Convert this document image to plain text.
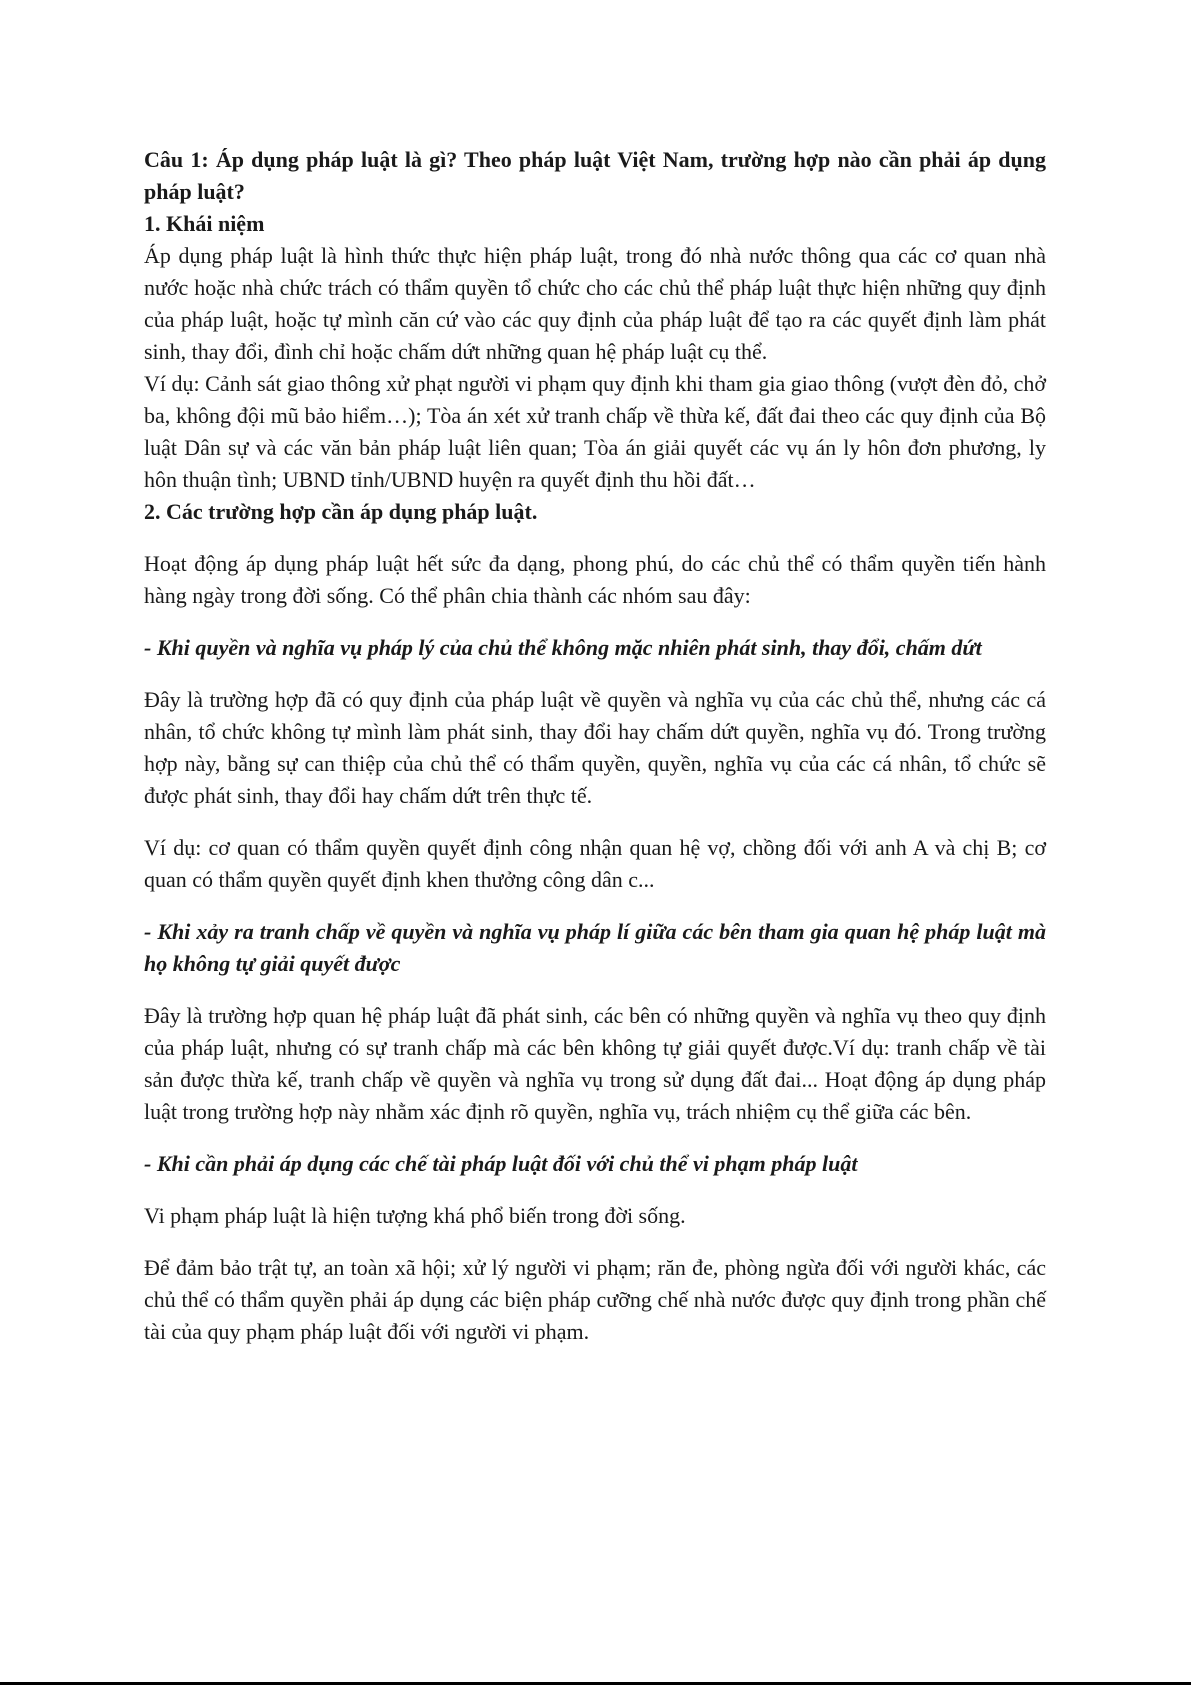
Câu 1: Áp dụng pháp luật là gì? Theo pháp luật Việt Nam, trường hợp nào cần phải áp dụng pháp luật?

1. Khái niệm

Áp dụng pháp luật là hình thức thực hiện pháp luật, trong đó nhà nước thông qua các cơ quan nhà nước hoặc nhà chức trách có thẩm quyền tổ chức cho các chủ thể pháp luật thực hiện những quy định của pháp luật, hoặc tự mình căn cứ vào các quy định của pháp luật để tạo ra các quyết định làm phát sinh, thay đổi, đình chỉ hoặc chấm dứt những quan hệ pháp luật cụ thể.

Ví dụ: Cảnh sát giao thông xử phạt người vi phạm quy định khi tham gia giao thông (vượt đèn đỏ, chở ba, không đội mũ bảo hiểm…); Tòa án xét xử tranh chấp về thừa kế, đất đai theo các quy định của Bộ luật Dân sự và các văn bản pháp luật liên quan; Tòa án giải quyết các vụ án ly hôn đơn phương, ly hôn thuận tình; UBND tỉnh/UBND huyện ra quyết định thu hồi đất…

2. Các trường hợp cần áp dụng pháp luật.

Hoạt động áp dụng pháp luật hết sức đa dạng, phong phú, do các chủ thể có thẩm quyền tiến hành hàng ngày trong đời sống. Có thể phân chia thành các nhóm sau đây:

- Khi quyền và nghĩa vụ pháp lý của chủ thể không mặc nhiên phát sinh, thay đổi, chấm dứt

Đây là trường hợp đã có quy định của pháp luật về quyền và nghĩa vụ của các chủ thể, nhưng các cá nhân, tổ chức không tự mình làm phát sinh, thay đổi hay chấm dứt quyền, nghĩa vụ đó. Trong trường hợp này, bằng sự can thiệp của chủ thể có thẩm quyền, quyền, nghĩa vụ của các cá nhân, tổ chức sẽ được phát sinh, thay đổi hay chấm dứt trên thực tế.

Ví dụ: cơ quan có thẩm quyền quyết định công nhận quan hệ vợ, chồng đối với anh A và chị B; cơ quan có thẩm quyền quyết định khen thưởng công dân c...

- Khi xảy ra tranh chấp về quyền và nghĩa vụ pháp lí giữa các bên tham gia quan hệ pháp luật mà họ không tự giải quyết được

Đây là trường hợp quan hệ pháp luật đã phát sinh, các bên có những quyền và nghĩa vụ theo quy định của pháp luật, nhưng có sự tranh chấp mà các bên không tự giải quyết được.Ví dụ: tranh chấp về tài sản được thừa kế, tranh chấp về quyền và nghĩa vụ trong sử dụng đất đai... Hoạt động áp dụng pháp luật trong trường hợp này nhằm xác định rõ quyền, nghĩa vụ, trách nhiệm cụ thể giữa các bên.

- Khi cần phải áp dụng các chế tài pháp luật đối với chủ thể vi phạm pháp luật

Vi phạm pháp luật là hiện tượng khá phổ biến trong đời sống.

Để đảm bảo trật tự, an toàn xã hội; xử lý người vi phạm; răn đe, phòng ngừa đối với người khác, các chủ thể có thẩm quyền phải áp dụng các biện pháp cưỡng chế nhà nước được quy định trong phần chế tài của quy phạm pháp luật đối với người vi phạm.
